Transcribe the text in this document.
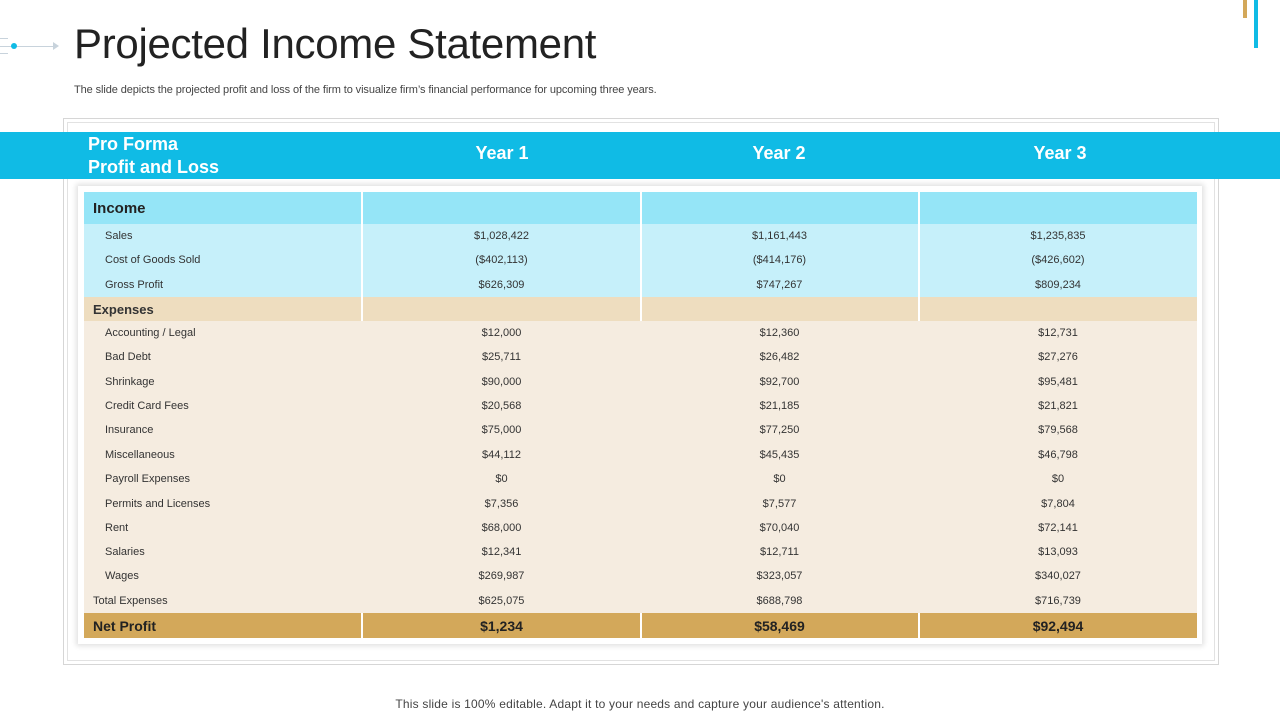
Projected Income Statement

The slide depicts the projected profit and loss of the firm to visualize firm’s financial performance for upcoming three years.

Pro Forma
Profit and Loss
Year 1	Year 2	Year 3
Income
Sales	$1,028,422	$1,161,443	$1,235,835
Cost of Goods Sold	($402,113)	($414,176)	($426,602)
Gross Profit	$626,309	$747,267	$809,234
Expenses
Accounting / Legal	$12,000	$12,360	$12,731
Bad Debt	$25,711	$26,482	$27,276
Shrinkage	$90,000	$92,700	$95,481
Credit Card Fees	$20,568	$21,185	$21,821
Insurance	$75,000	$77,250	$79,568
Miscellaneous	$44,112	$45,435	$46,798
Payroll Expenses	$0	$0	$0
Permits and Licenses	$7,356	$7,577	$7,804
Rent	$68,000	$70,040	$72,141
Salaries	$12,341	$12,711	$13,093
Wages	$269,987	$323,057	$340,027
Total Expenses	$625,075	$688,798	$716,739
Net Profit	$1,234	$58,469	$92,494
This slide is 100% editable. Adapt it to your needs and capture your audience's attention.
